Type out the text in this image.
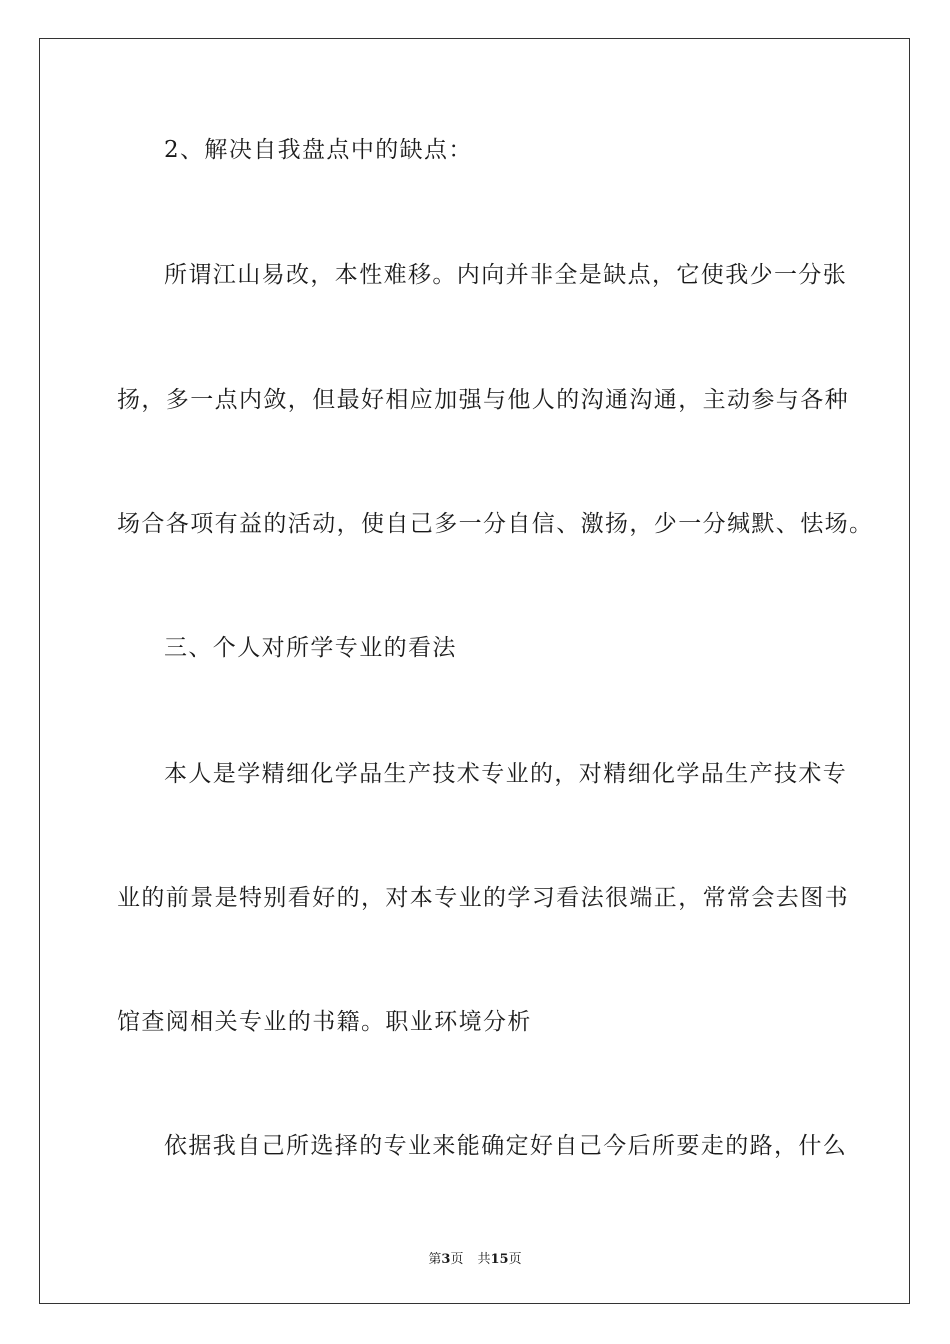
2、解决自我盘点中的缺点：
所谓江山易改，本性难移。内向并非全是缺点，它使我少一分张
扬，多一点内敛，但最好相应加强与他人的沟通沟通，主动参与各种
场合各项有益的活动，使自己多一分自信、激扬，少一分缄默、怯场。
三、个人对所学专业的看法
本人是学精细化学品生产技术专业的，对精细化学品生产技术专
业的前景是特别看好的，对本专业的学习看法很端正，常常会去图书
馆查阅相关专业的书籍。职业环境分析
依据我自己所选择的专业来能确定好自己今后所要走的路，什么
第3页 共15页
